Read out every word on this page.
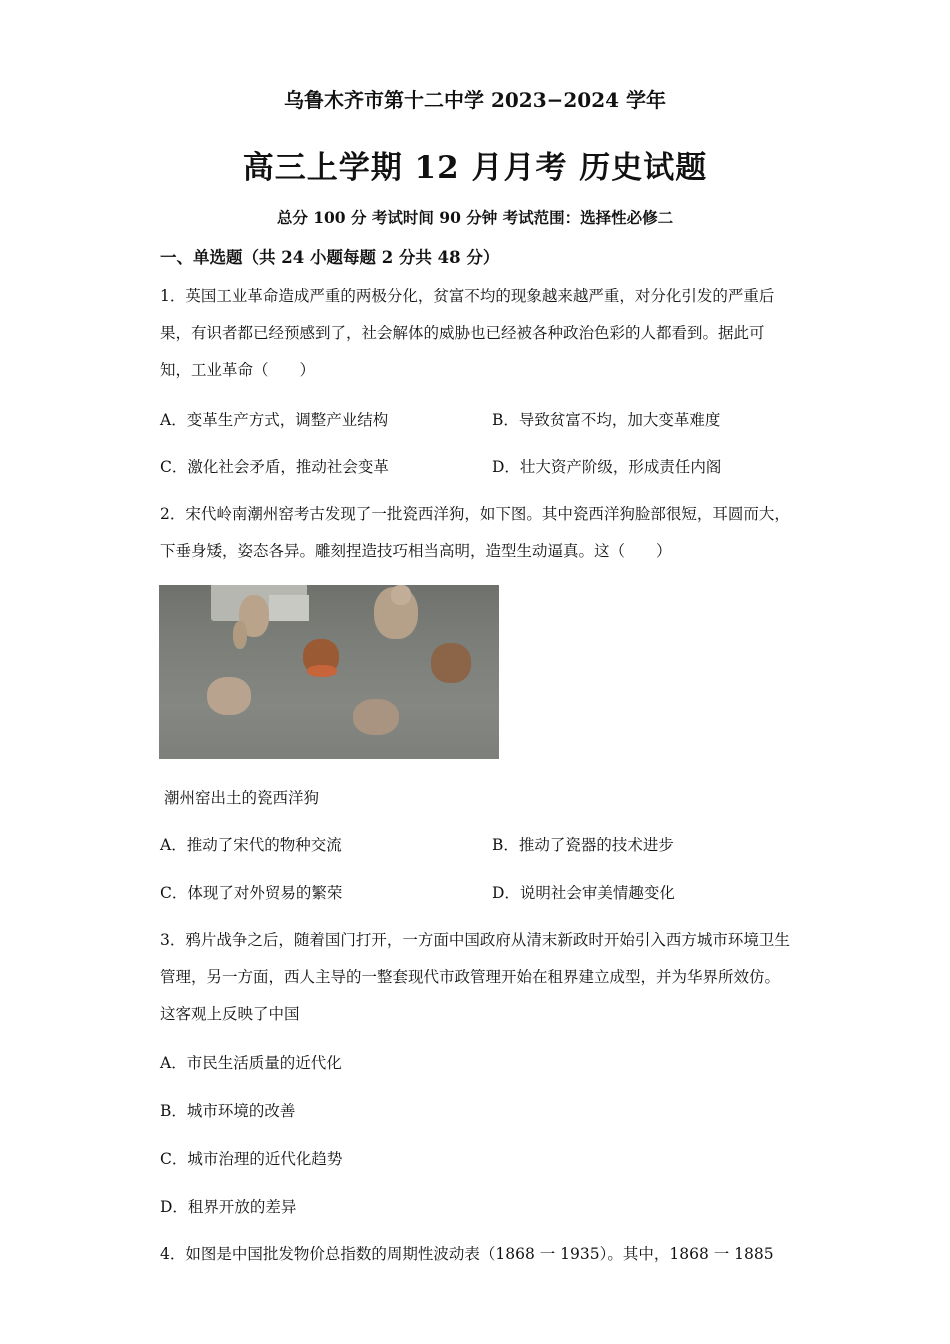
乌鲁木齐市第十二中学 2023−2024 学年
高三上学期 12 月月考 历史试题
总分 100 分 考试时间 90 分钟 考试范围：选择性必修二
一、单选题（共 24 小题每题 2 分共 48 分）
1．英国工业革命造成严重的两极分化，贫富不均的现象越来越严重，对分化引发的严重后果，有识者都已经预感到了，社会解体的威胁也已经被各种政治色彩的人都看到。据此可知，工业革命（　　）
A．变革生产方式，调整产业结构	B．导致贫富不均，加大变革难度
C．激化社会矛盾，推动社会变革	D．壮大资产阶级，形成责任内阁
2．宋代岭南潮州窑考古发现了一批瓷西洋狗，如下图。其中瓷西洋狗脸部很短，耳圆而大，下垂身矮，姿态各异。雕刻捏造技巧相当高明，造型生动逼真。这（　　）
潮州窑出土的瓷西洋狗
A．推动了宋代的物种交流	B．推动了瓷器的技术进步
C．体现了对外贸易的繁荣	D．说明社会审美情趣变化
3．鸦片战争之后，随着国门打开，一方面中国政府从清末新政时开始引入西方城市环境卫生管理，另一方面，西人主导的一整套现代市政管理开始在租界建立成型，并为华界所效仿。这客观上反映了中国
A．市民生活质量的近代化
B．城市环境的改善
C．城市治理的近代化趋势
D．租界开放的差异
4．如图是中国批发物价总指数的周期性波动表（1868 一 1935）。其中，1868 一 1885
